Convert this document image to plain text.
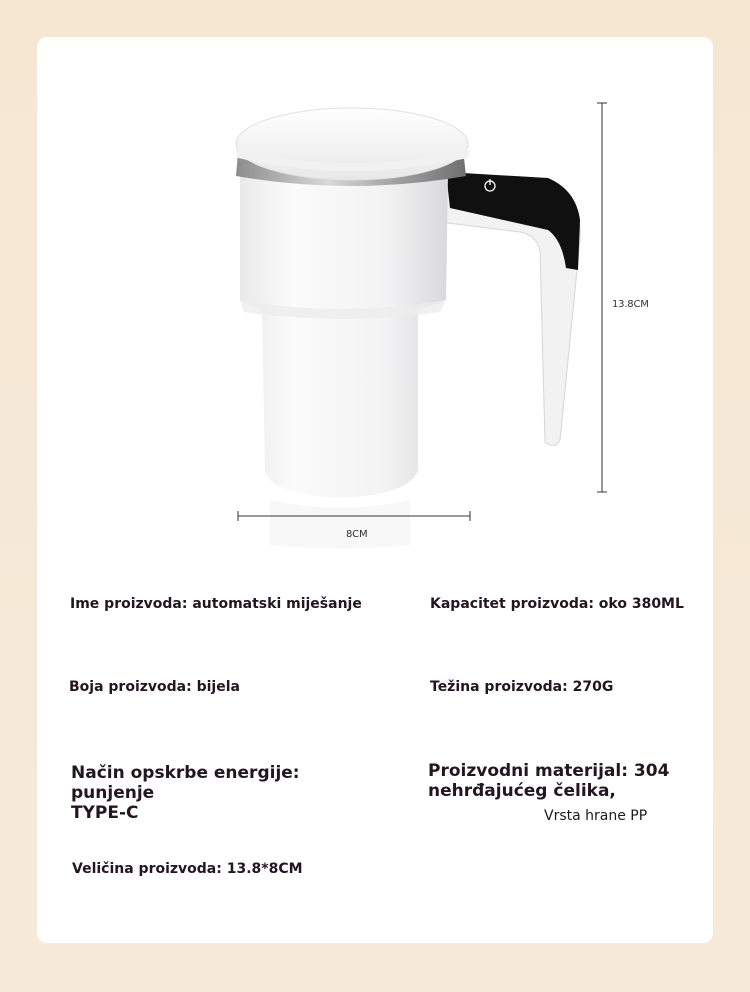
13.8CM
8CM
Ime proizvoda: automatski miješanje	Kapacitet proizvoda: oko 380ML
Boja proizvoda: bijela	Težina proizvoda: 270G
Način opskrbe energije: punjenje
TYPE-C
Proizvodni materijal: 304
nehrđajućeg čelika,
Vrsta hrane PP
Veličina proizvoda: 13.8*8CM
